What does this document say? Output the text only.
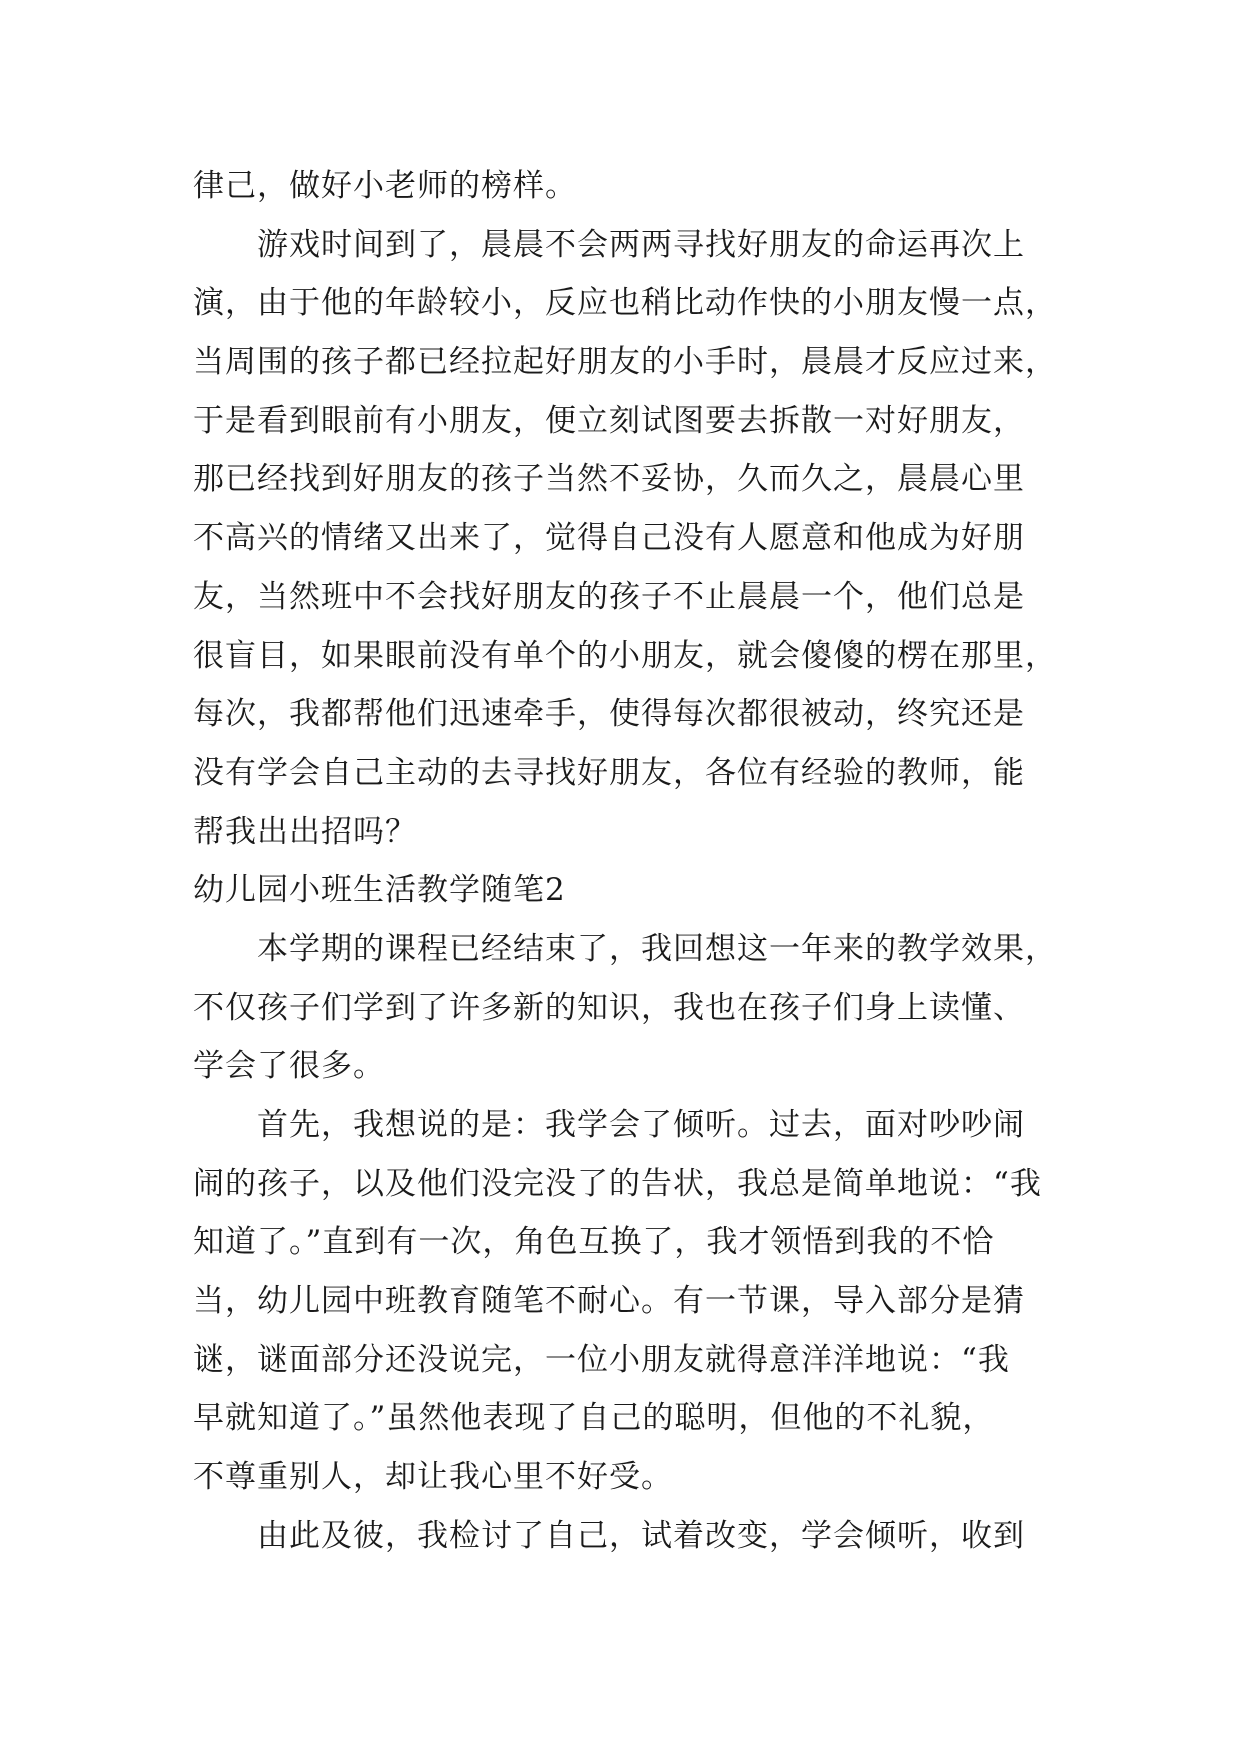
律己，做好小老师的榜样。
游戏时间到了，晨晨不会两两寻找好朋友的命运再次上
演，由于他的年龄较小，反应也稍比动作快的小朋友慢一点，
当周围的孩子都已经拉起好朋友的小手时，晨晨才反应过来，
于是看到眼前有小朋友，便立刻试图要去拆散一对好朋友，
那已经找到好朋友的孩子当然不妥协，久而久之，晨晨心里
不高兴的情绪又出来了，觉得自己没有人愿意和他成为好朋
友，当然班中不会找好朋友的孩子不止晨晨一个，他们总是
很盲目，如果眼前没有单个的小朋友，就会傻傻的楞在那里，
每次，我都帮他们迅速牵手，使得每次都很被动，终究还是
没有学会自己主动的去寻找好朋友，各位有经验的教师，能
帮我出出招吗？
幼儿园小班生活教学随笔2
本学期的课程已经结束了，我回想这一年来的教学效果，
不仅孩子们学到了许多新的知识，我也在孩子们身上读懂、
学会了很多。
首先，我想说的是：我学会了倾听。过去，面对吵吵闹
闹的孩子，以及他们没完没了的告状，我总是简单地说：“我
知道了。”直到有一次，角色互换了，我才领悟到我的不恰
当，幼儿园中班教育随笔不耐心。有一节课，导入部分是猜
谜，谜面部分还没说完，一位小朋友就得意洋洋地说：“我
早就知道了。”虽然他表现了自己的聪明，但他的不礼貌，
不尊重别人，却让我心里不好受。
由此及彼，我检讨了自己，试着改变，学会倾听，收到
